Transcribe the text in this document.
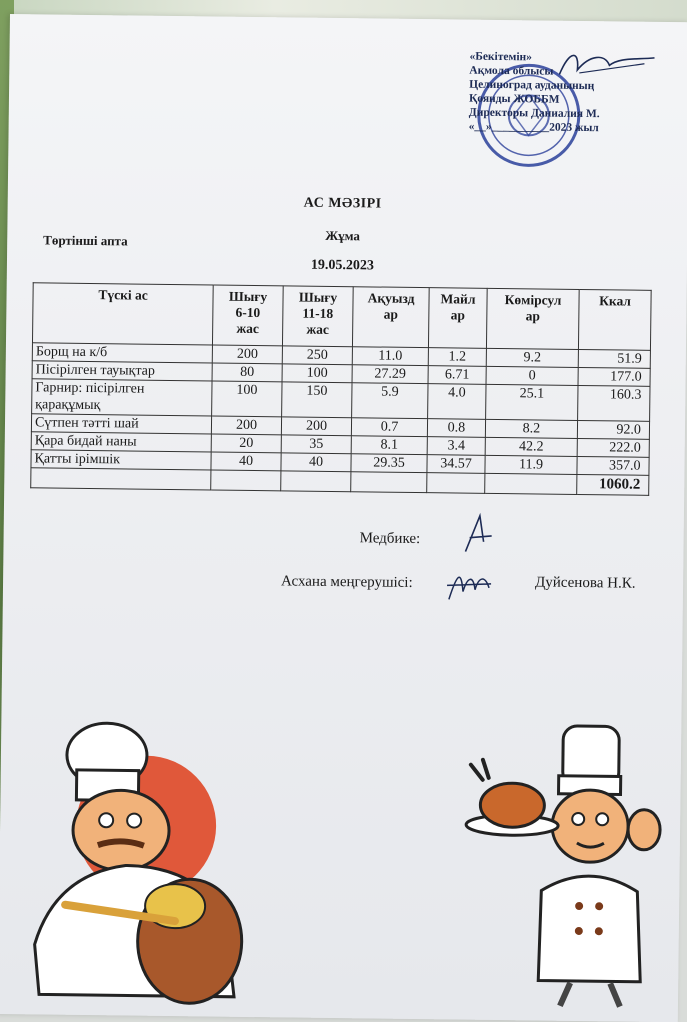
«Бекітемін»
Ақмола облысы
Целиноград ауданының
Қоянды ЖОББМ
Директоры Даниалия М.
«__»__________2023 жыл
АС МӘЗІРІ
Төртінші апта	Жұма
19.05.2023
Түскі ас	Шығу
6-10
жас	Шығу
11-18
жас	Ақуызд
ар	Майл
ар	Көмірсул
ар	Ккал
Борщ на к/б	200	250	11.0	1.2	9.2	51.9
Пісірілген тауықтар	80	100	27.29	6.71	0	177.0
Гарнир: пісірілген қарақұмық	100	150	5.9	4.0	25.1	160.3
Сүтпен тәтті шай	200	200	0.7	0.8	8.2	92.0
Қара бидай наны	20	35	8.1	3.4	42.2	222.0
Қатты ірімшік	40	40	29.35	34.57	11.9	357.0
						1060.2
Медбике:
Асхана меңгерушісі:	Дуйсенова Н.К.
